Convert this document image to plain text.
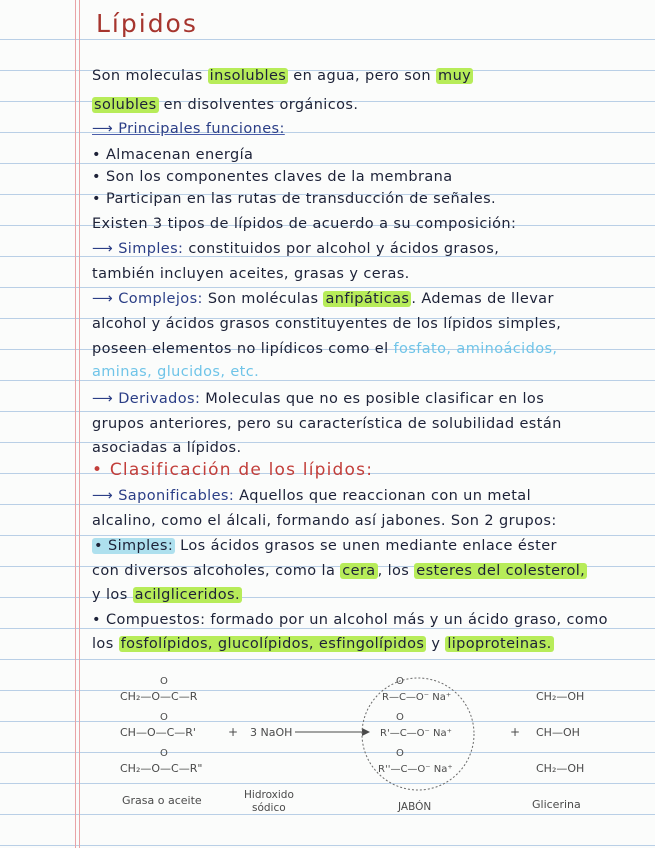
Lípidos
Son moleculas insolubles en agua, pero son muy
solubles en disolventes orgánicos.
⟶ Principales funciones:
• Almacenan energía
• Son los componentes claves de la membrana
• Participan en las rutas de transducción de señales.
Existen 3 tipos de lípidos de acuerdo a su composición:
⟶ Simples: constituidos por alcohol y ácidos grasos,
también incluyen aceites, grasas y ceras.
⟶ Complejos: Son moléculas anfipáticas . Ademas de llevar
alcohol y ácidos grasos constituyentes de los lípidos simples,
poseen elementos no lipídicos como el fosfato, aminoácidos,
aminas, glucidos, etc.
⟶ Derivados: Moleculas que no es posible clasificar en los
grupos anteriores, pero su característica de solubilidad están
asociadas a lípidos.
• Clasificación de los lípidos:
⟶ Saponificables: Aquellos que reaccionan con un metal
alcalino, como el álcali, formando así jabones. Son 2 grupos:
• Simples: Los ácidos grasos se unen mediante enlace éster
con diversos alcoholes, como la cera , los esteres del colesterol,
y los acilgliceridos.
• Compuestos: formado por un alcohol más y un ácido graso, como
los fosfolípidos, glucolípidos, esfingolípidos y lipoproteinas.
O
CH₂—O—C—R
O
CH—O—C—R'
O
CH₂—O—C—R"
+ 3 NaOH
O
R—C—O⁻ Na⁺
O
R'—C—O⁻ Na⁺
O
R''—C—O⁻ Na⁺
+
CH₂—OH
CH—OH
CH₂—OH
Grasa o aceite	Hidroxido
sódico	JABÓN	Glicerina
